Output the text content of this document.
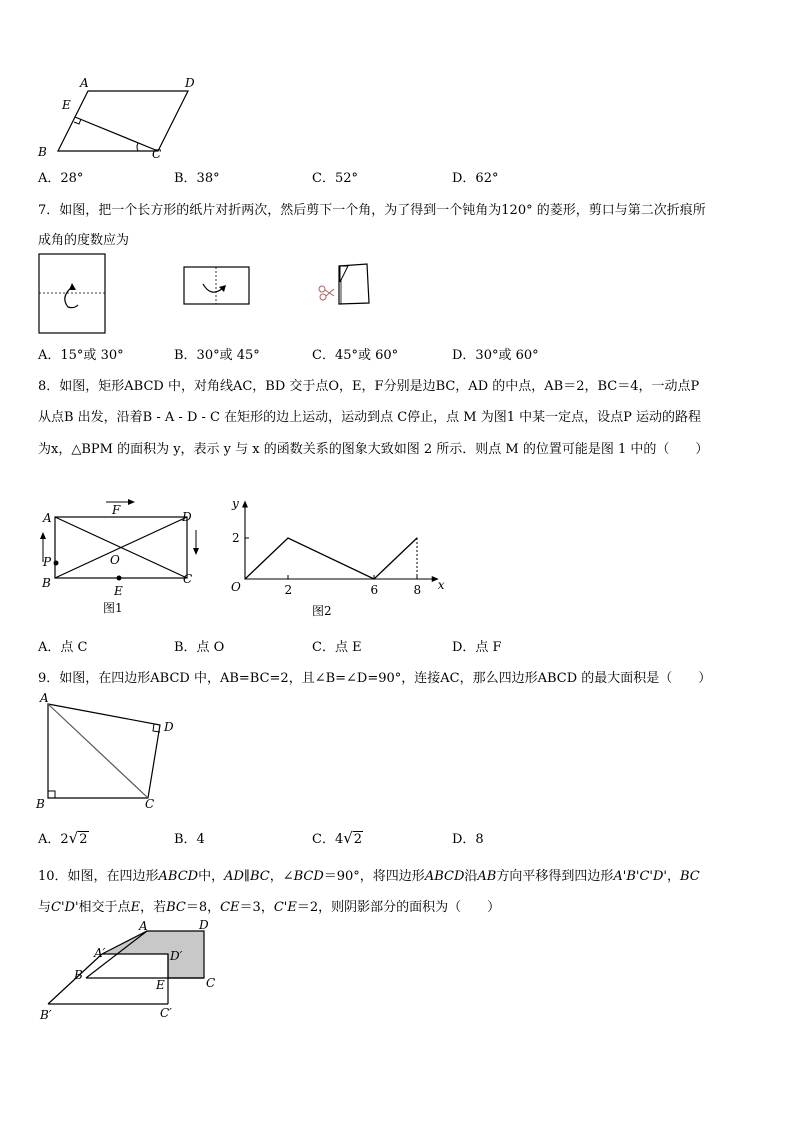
A	D
E
B	C
A．28°	B．38°	C．52°	D．62°
7．如图，把一个长方形的纸片对折两次，然后剪下一个角，为了得到一个钝角为120° 的菱形，剪口与第二次折痕所
成角的度数应为
A．15°或 30°	B．30°或 45°	C．45°或 60°	D．30°或 60°
8．如图，矩形ABCD 中，对角线AC，BD 交于点O，E，F分别是边BC，AD 的中点，AB＝2，BC＝4，一动点P
从点B 出发，沿着B - A - D - C 在矩形的边上运动，运动到点 C停止，点 M 为图1 中某一定点，设点P 运动的路程
为x，△BPM 的面积为 y，表示 y 与 x 的函数关系的图象大致如图 2 所示．则点 M 的位置可能是图 1 中的（　　）
A	D
F
O
P
B	C
E
图1
x
y
O	2	6	8
2
图2
A．点 C	B．点 O	C．点 E	D．点 F
9．如图，在四边形ABCD 中，AB=BC=2，且∠B=∠D=90°，连接AC，那么四边形ABCD 的最大面积是（　　）
A
D
B	C
A．2√2	B．4	C．4√2	D．8
10．如图，在四边形ABCD中，AD∥BC，∠BCD＝90°，将四边形ABCD沿AB方向平移得到四边形A'B'C'D'，BC
与C'D'相交于点E，若BC＝8，CE＝3，C'E＝2，则阴影部分的面积为（　　）
A	D
A′	D′
B
E	C
B′	C′
